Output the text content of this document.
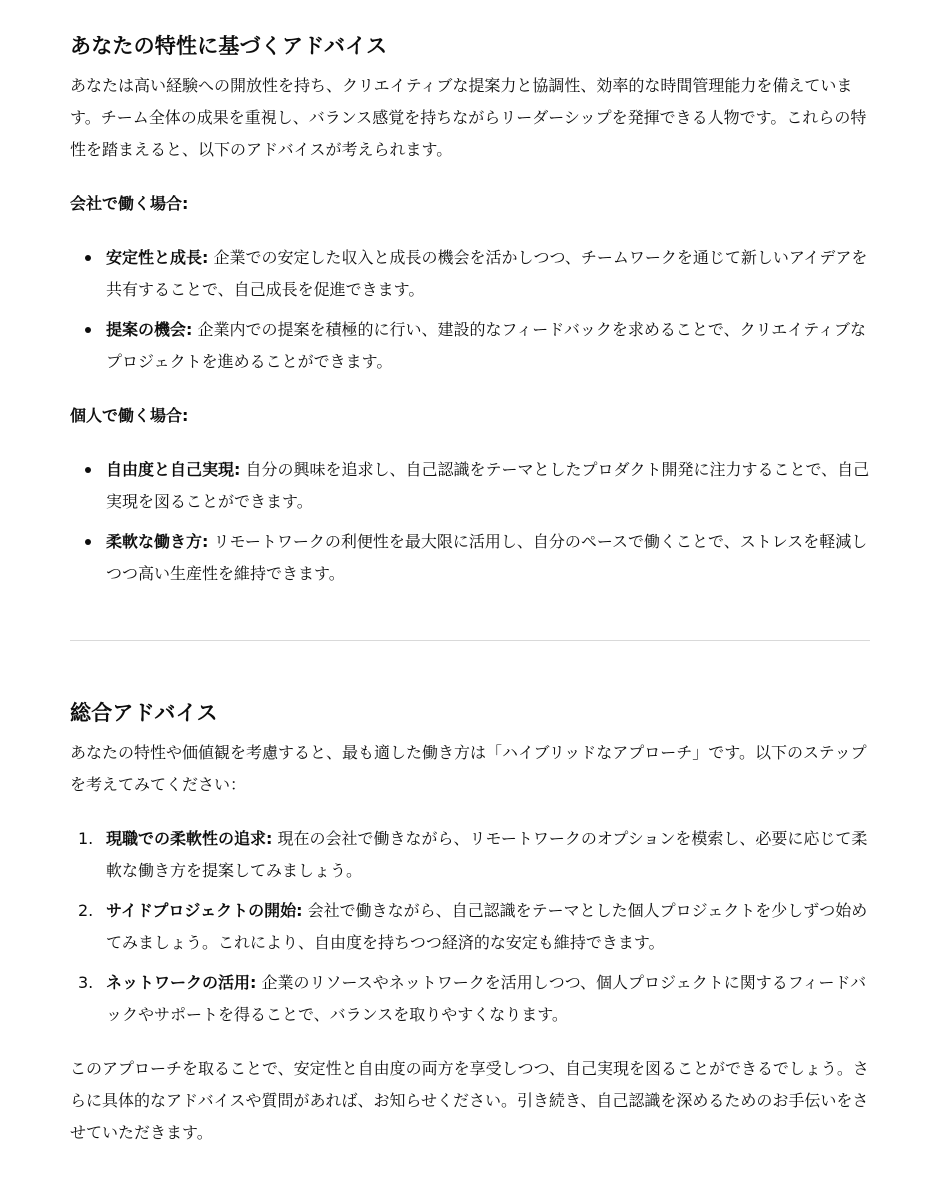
あなたの特性に基づくアドバイス

あなたは高い経験への開放性を持ち、クリエイティブな提案力と協調性、効率的な時間管理能力を備えています。チーム全体の成果を重視し、バランス感覚を持ちながらリーダーシップを発揮できる人物です。これらの特性を踏まえると、以下のアドバイスが考えられます。

会社で働く場合:

安定性と成長: 企業での安定した収入と成長の機会を活かしつつ、チームワークを通じて新しいアイデアを共有することで、自己成長を促進できます。
提案の機会: 企業内での提案を積極的に行い、建設的なフィードバックを求めることで、クリエイティブなプロジェクトを進めることができます。

個人で働く場合:

自由度と自己実現: 自分の興味を追求し、自己認識をテーマとしたプロダクト開発に注力することで、自己実現を図ることができます。
柔軟な働き方: リモートワークの利便性を最大限に活用し、自分のペースで働くことで、ストレスを軽減しつつ高い生産性を維持できます。
総合アドバイス

あなたの特性や価値観を考慮すると、最も適した働き方は「ハイブリッドなアプローチ」です。以下のステップを考えてみてください：

1. 現職での柔軟性の追求: 現在の会社で働きながら、リモートワークのオプションを模索し、必要に応じて柔軟な働き方を提案してみましょう。
2. サイドプロジェクトの開始: 会社で働きながら、自己認識をテーマとした個人プロジェクトを少しずつ始めてみましょう。これにより、自由度を持ちつつ経済的な安定も維持できます。
3. ネットワークの活用: 企業のリソースやネットワークを活用しつつ、個人プロジェクトに関するフィードバックやサポートを得ることで、バランスを取りやすくなります。

このアプローチを取ることで、安定性と自由度の両方を享受しつつ、自己実現を図ることができるでしょう。さらに具体的なアドバイスや質問があれば、お知らせください。引き続き、自己認識を深めるためのお手伝いをさせていただきます。
